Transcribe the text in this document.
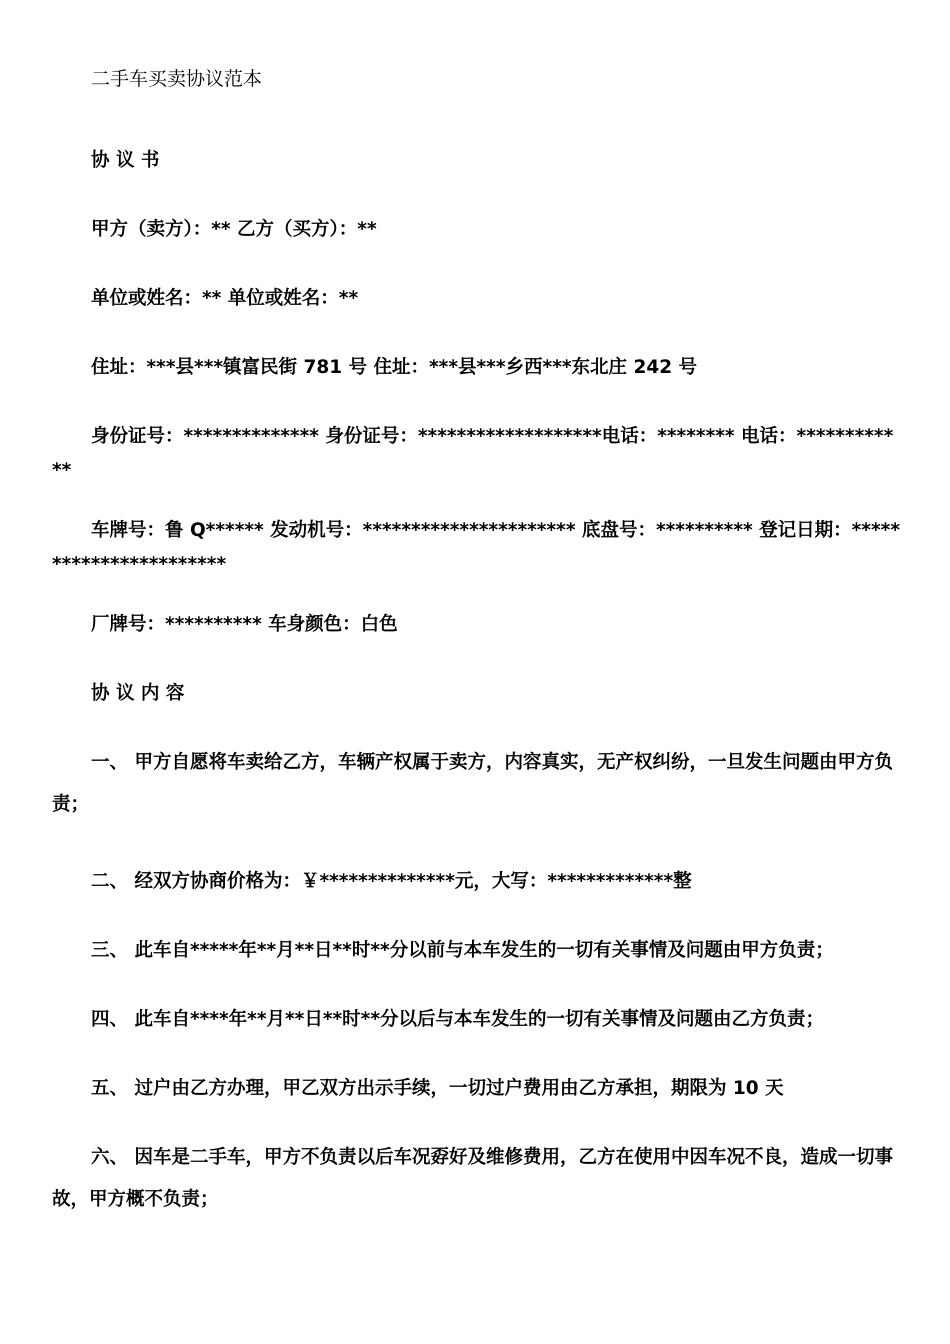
二手车买卖协议范本
协 议 书
甲方（卖方）：** 乙方（买方）：**
单位或姓名：** 单位或姓名：**
住址：***县***镇富民街 781 号 住址：***县***乡西***东北庄 242 号
身份证号：************** 身份证号：*******************电话：******** 电话：************
车牌号：鲁 Q****** 发动机号：********************** 底盘号：********** 登记日期：***********************
厂牌号：********** 车身颜色：白色
协 议 内 容
一、 甲方自愿将车卖给乙方，车辆产权属于卖方，内容真实，无产权纠纷，一旦发生问题由甲方负责；
二、 经双方协商价格为：￥**************元，大写：*************整
三、 此车自*****年**月**日**时**分以前与本车发生的一切有关事情及问题由甲方负责；
四、 此车自****年**月**日**时**分以后与本车发生的一切有关事情及问题由乙方负责；
五、 过户由乙方办理，甲乙双方出示手续，一切过户费用由乙方承担，期限为 10 天
六、 因车是二手车，甲方不负责以后车况孬好及维修费用，乙方在使用中因车况不良，造成一切事故，甲方概不负责；
